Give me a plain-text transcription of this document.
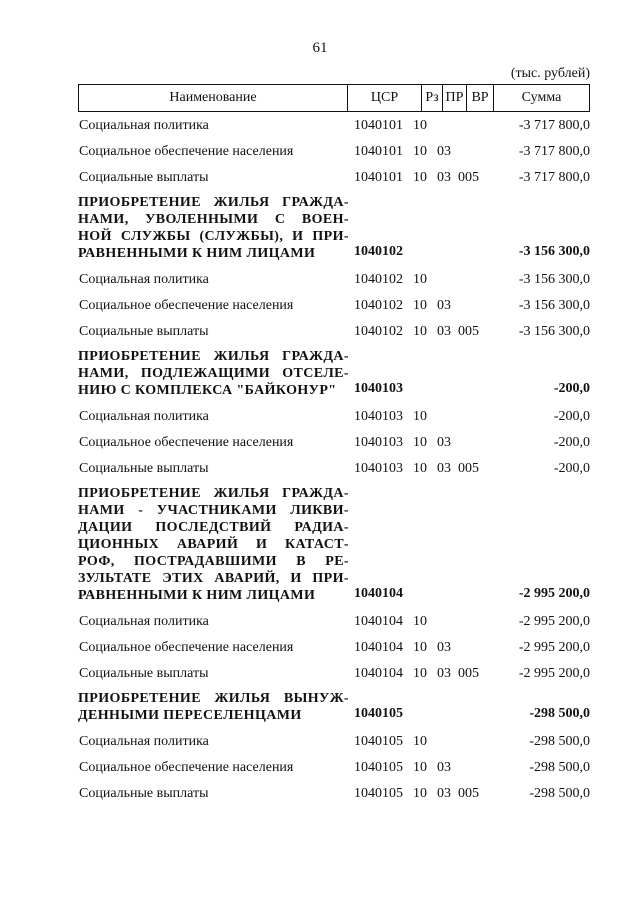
61
(тыс. рублей)
Наименование	ЦСР	Рз ПР ВР	Сумма
Социальная политика	1040101 10	-3 717 800,0
Социальное обеспечение населения	1040101 10 03	-3 717 800,0
Социальные выплаты	1040101 10 03 005	-3 717 800,0
ПРИОБРЕТЕНИЕ ЖИЛЬЯ ГРАЖДА-
НАМИ, УВОЛЕННЫМИ С ВОЕН-
НОЙ СЛУЖБЫ (СЛУЖБЫ), И ПРИ-
РАВНЕННЫМИ К НИМ ЛИЦАМИ	1040102	-3 156 300,0
Социальная политика	1040102 10	-3 156 300,0
Социальное обеспечение населения	1040102 10 03	-3 156 300,0
Социальные выплаты	1040102 10 03 005	-3 156 300,0
ПРИОБРЕТЕНИЕ ЖИЛЬЯ ГРАЖДА-
НАМИ, ПОДЛЕЖАЩИМИ ОТСЕЛЕ-
НИЮ С КОМПЛЕКСА "БАЙКОНУР"	1040103	-200,0
Социальная политика	1040103 10	-200,0
Социальное обеспечение населения	1040103 10 03	-200,0
Социальные выплаты	1040103 10 03 005	-200,0
ПРИОБРЕТЕНИЕ ЖИЛЬЯ ГРАЖДА-
НАМИ - УЧАСТНИКАМИ ЛИКВИ-
ДАЦИИ ПОСЛЕДСТВИЙ РАДИА-
ЦИОННЫХ АВАРИЙ И КАТАСТ-
РОФ, ПОСТРАДАВШИМИ В РЕ-
ЗУЛЬТАТЕ ЭТИХ АВАРИЙ, И ПРИ-
РАВНЕННЫМИ К НИМ ЛИЦАМИ	1040104	-2 995 200,0
Социальная политика	1040104 10	-2 995 200,0
Социальное обеспечение населения	1040104 10 03	-2 995 200,0
Социальные выплаты	1040104 10 03 005	-2 995 200,0
ПРИОБРЕТЕНИЕ ЖИЛЬЯ ВЫНУЖ-
ДЕННЫМИ ПЕРЕСЕЛЕНЦАМИ	1040105	-298 500,0
Социальная политика	1040105 10	-298 500,0
Социальное обеспечение населения	1040105 10 03	-298 500,0
Социальные выплаты	1040105 10 03 005	-298 500,0
